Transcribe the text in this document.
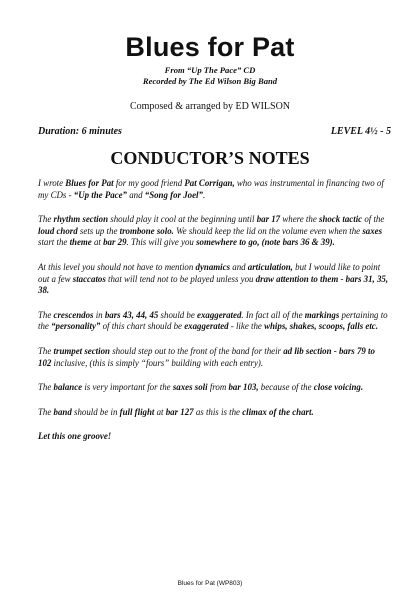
Blues for Pat
From “Up The Pace” CD
Recorded by The Ed Wilson Big Band
Composed & arranged by ED WILSON
Duration: 6 minutes	LEVEL 4½ - 5
CONDUCTOR’S NOTES

I wrote Blues for Pat for my good friend Pat Corrigan, who was instrumental in financing two of my CDs - “Up the Pace” and “Song for Joel”.

The rhythm section should play it cool at the beginning until bar 17 where the shock tactic of the loud chord sets up the trombone solo. We should keep the lid on the volume even when the saxes start the theme at bar 29. This will give you somewhere to go, (note bars 36 & 39).

At this level you should not have to mention dynamics and articulation, but I would like to point out a few staccatos that will tend not to be played unless you draw attention to them - bars 31, 35, 38.

The crescendos in bars 43, 44, 45 should be exaggerated. In fact all of the markings pertaining to the “personality” of this chart should be exaggerated - like the whips, shakes, scoops, falls etc.

The trumpet section should step out to the front of the band for their ad lib section - bars 79 to 102 inclusive, (this is simply “fours” building with each entry).

The balance is very important for the saxes soli from bar 103, because of the close voicing.

The band should be in full flight at bar 127 as this is the climax of the chart.

Let this one groove!

Blues for Pat (WP803)
